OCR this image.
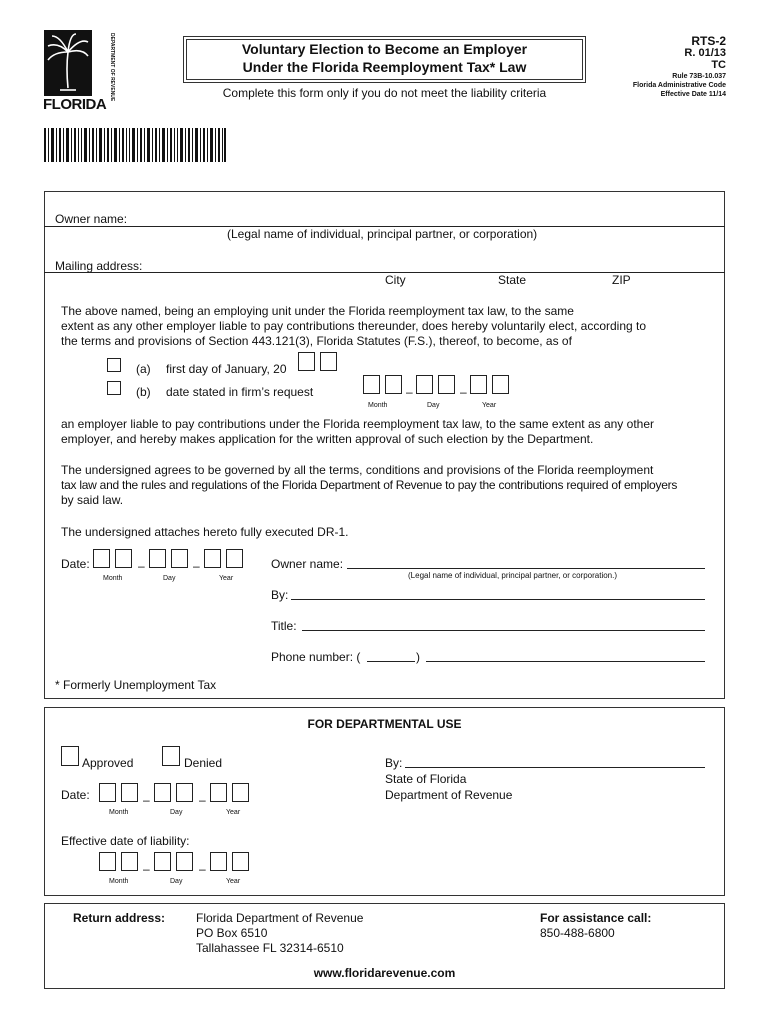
DEPARTMENT OF REVENUE
FLORIDA
Voluntary Election to Become an Employer
Under the Florida Reemployment Tax* Law
Complete this form only if you do not meet the liability criteria
RTS-2
R. 01/13
TC
Rule 73B-10.037
Florida Administrative Code
Effective Date 11/14
Owner name:
(Legal name of individual, principal partner, or corporation)
Mailing address:
City	State	ZIP
The above named, being an employing unit under the Florida reemployment tax law, to the same
extent as any other employer liable to pay contributions thereunder, does hereby voluntarily elect, according to
the terms and provisions of Section 443.121(3), Florida Statutes (F.S.), thereof, to become, as of
(a) first day of January, 20
(b) date stated in firm’s request	–	–
Month	Day	Year
an employer liable to pay contributions under the Florida reemployment tax law, to the same extent as any other
employer, and hereby makes application for the written approval of such election by the Department.
The undersigned agrees to be governed by all the terms, conditions and provisions of the Florida reemployment
tax law and the rules and regulations of the Florida Department of Revenue to pay the contributions required of employers
by said law.
The undersigned attaches hereto fully executed DR-1.
Date:	–	–
Month	Day	Year
Owner name:
(Legal name of individual, principal partner, or corporation.)
By:
Title:
Phone number: (	)
* Formerly Unemployment Tax
FOR DEPARTMENTAL USE
Approved	Denied	By:
State of Florida
Department of Revenue
Date:	–	–
Month	Day	Year
Effective date of liability:
–	–
Month	Day	Year
Return address:	Florida Department of Revenue
PO Box 6510
Tallahassee FL 32314-6510
For assistance call:
850-488-6800
www.floridarevenue.com
